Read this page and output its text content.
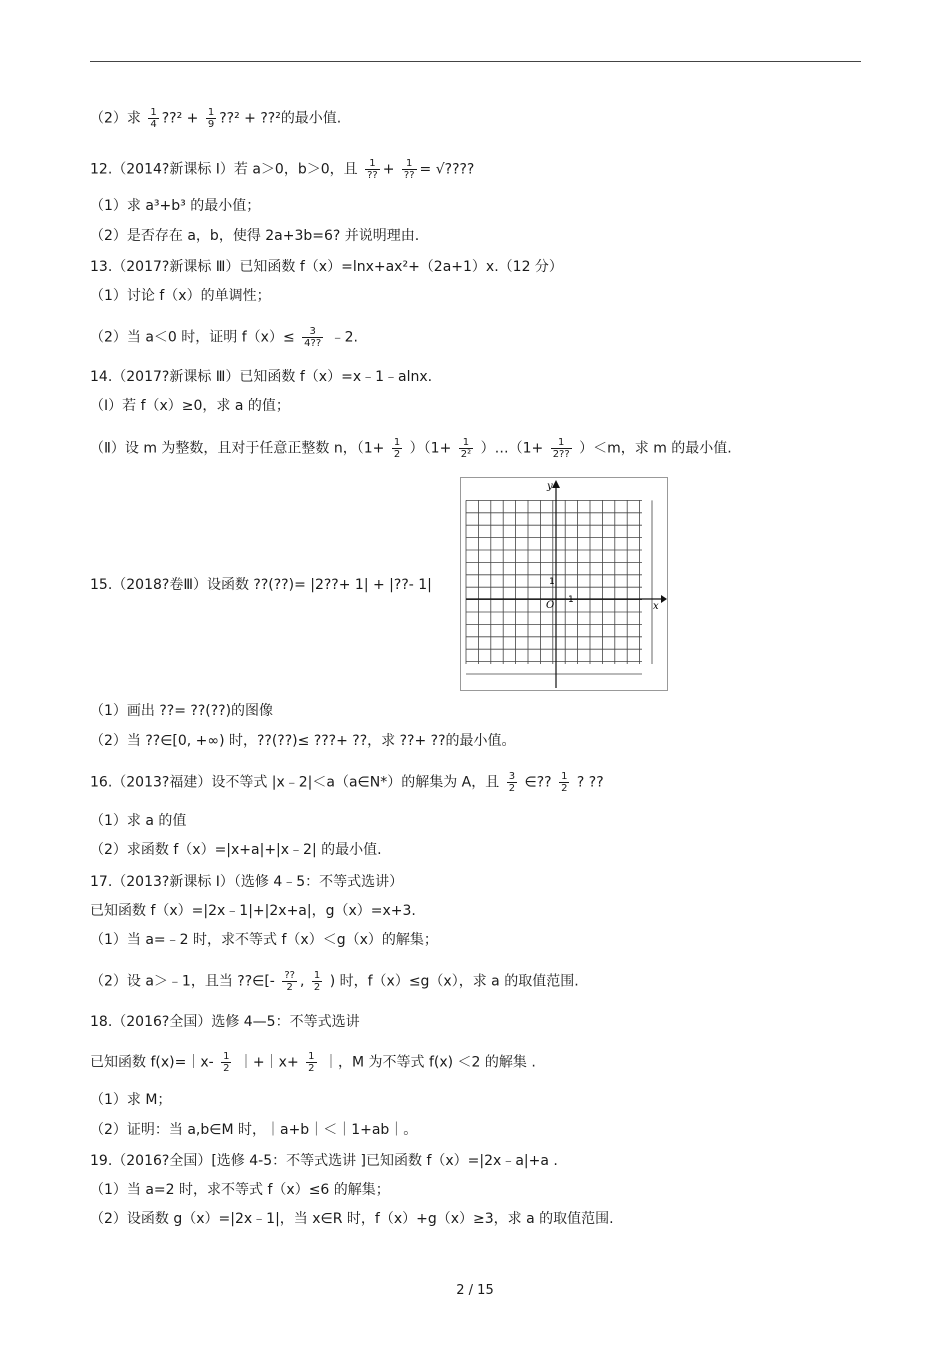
（2）求 $\frac{1}{4}$ ??² + $\frac{1}{9}$ ??² + ??²的最小值.
12.（2014?新课标 Ⅰ）若 a＞0，b＞0，且 $\frac{1}{??} + \frac{1}{??}$ = √????
（1）求 a³+b³ 的最小值；
（2）是否存在 a，b，使得 2a+3b=6? 并说明理由.
13.（2017?新课标 Ⅲ）已知函数 f（x）=lnx+ax²+（2a+1）x.（12 分）
（1）讨论 f（x）的单调性；
（2）当 a＜0 时，证明 $f(x)\le \frac{3}{4??}$ ﹣2.
14.（2017?新课标 Ⅲ）已知函数 f（x）=x﹣1﹣alnx.
（Ⅰ）若 f（x）≥0，求 a 的值；
（Ⅱ）设 m 为整数，且对于任意正整数 n，$(1+ \frac{1}{2} )(1+ \frac{1}{\text{2²}}$ ）…（1+ $\frac{1}{2??} )<m$，求 m 的最小值.
15.（2018?卷Ⅲ）设函数 ??(??)= |2??+ 1| + |??- 1|
y
x
O 1
1
（1）画出 ??= ??(??)的图像
（2）当 ??∈[0, +∞) 时，??(??)≤ ???+ ??，求 ??+ ??的最小值。
16.（2013?福建）设不等式 |x﹣2|＜a（a∈N*）的解集为 A，且 $\frac{3}{2}$ ∈?? $\frac{1}{2}$ ? ??
（1）求 a 的值
（2）求函数 f（x）=|x+a|+|x﹣2| 的最小值.
17.（2013?新课标 Ⅰ）（选修 4﹣5：不等式选讲）
已知函数 f（x）=|2x﹣1|+|2x+a|，g（x）=x+3.
（1）当 a=﹣2 时，求不等式 f（x）＜g（x）的解集；
（2）设 a＞﹣1，且当 ??∈[- $\frac{??}{2}$ , $\frac{1}{2}$ ) 时，f（x）≤g（x），求 a 的取值范围.
18.（2016?全国）选修 4—5：不等式选讲
已知函数 f(x)=｜x- $\frac{1}{2}$ ｜+｜x+ $\frac{1}{2}$ ｜，M 为不等式 f(x) ＜2 的解集 .
（1）求 M；
（2）证明：当 a,b∈M 时，｜a+b｜＜｜1+ab｜。
19.（2016?全国）[选修 4-5：不等式选讲 ]已知函数 f（x）=|2x﹣a|+a .
（1）当 a=2 时，求不等式 f（x）≤6 的解集；
（2）设函数 g（x）=|2x﹣1|，当 x∈R 时，f（x）+g（x）≥3，求 a 的取值范围.
2 / 15
